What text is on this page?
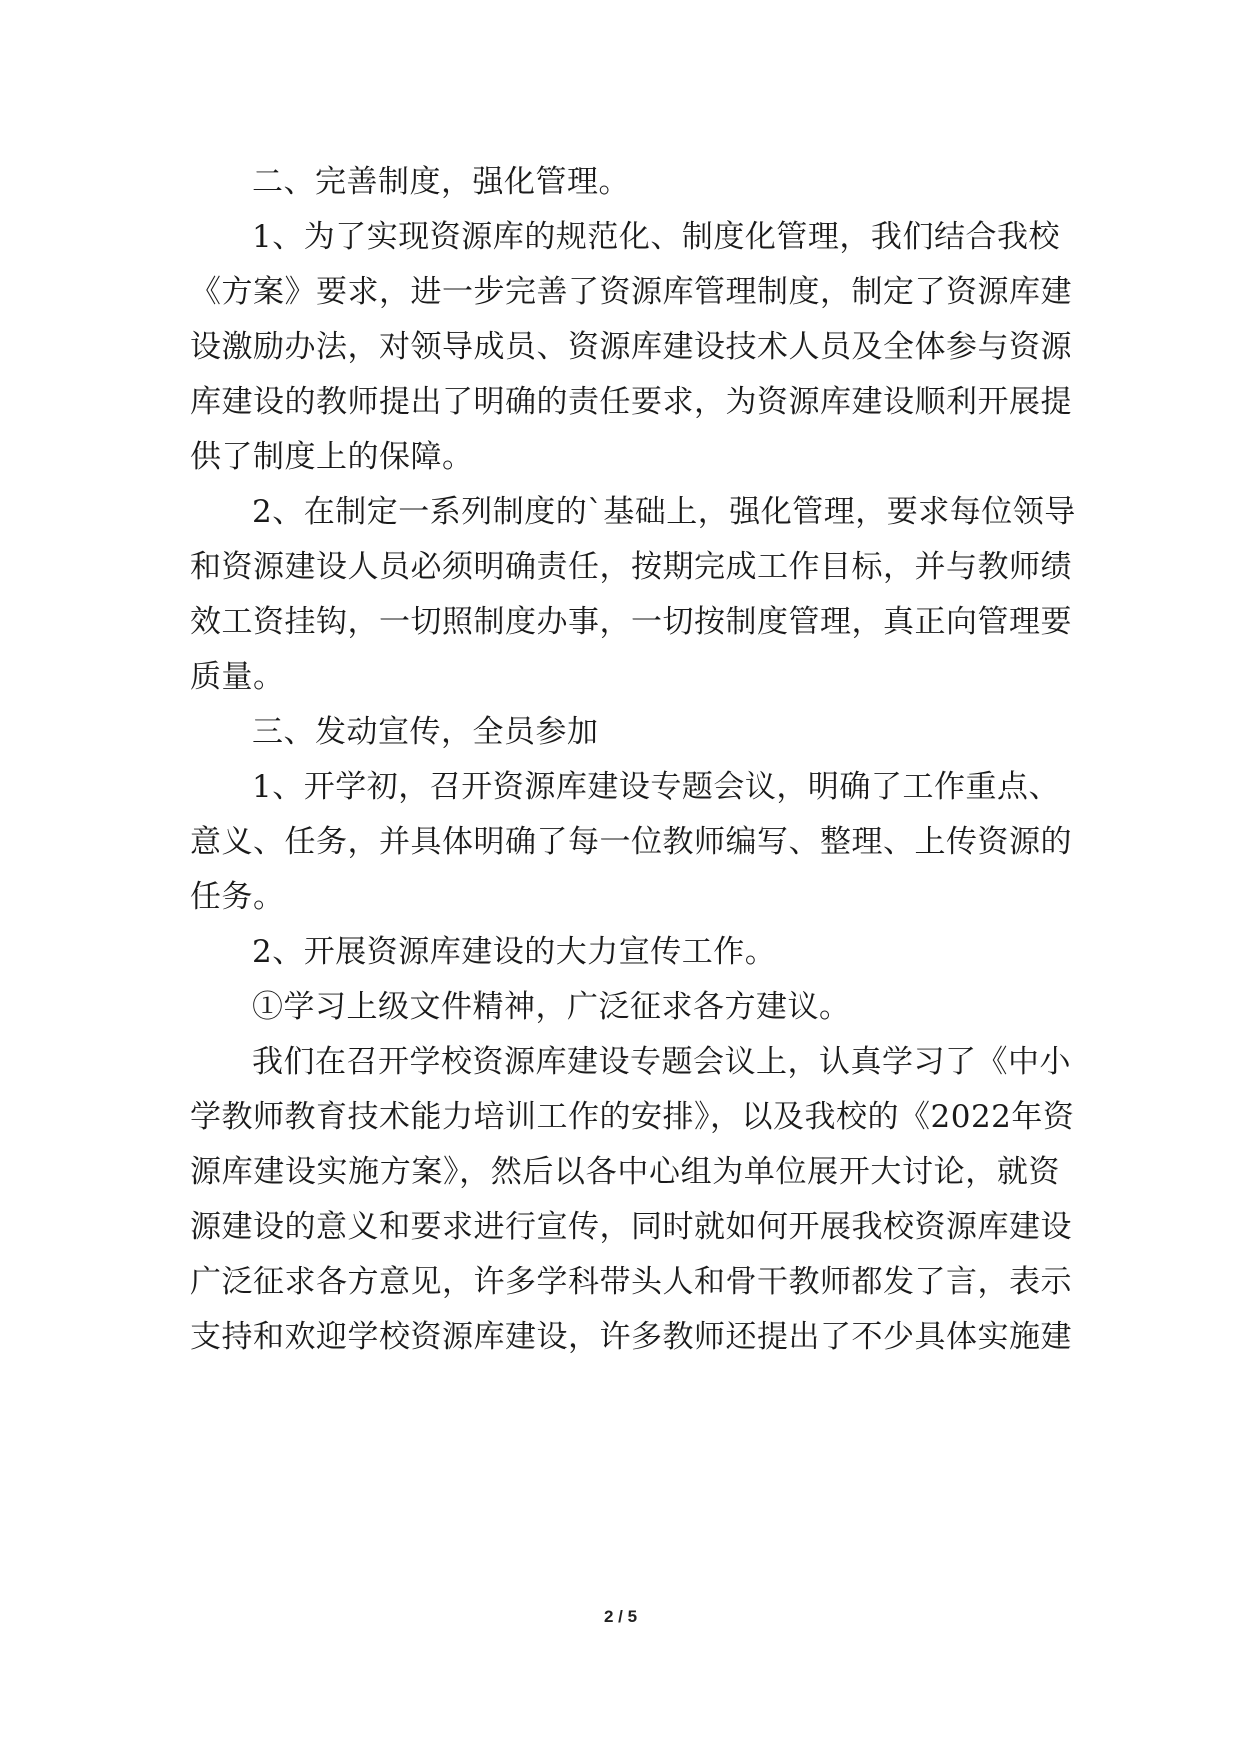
二、完善制度，强化管理。
1、为了实现资源库的规范化、制度化管理，我们结合我校
《方案》要求，进一步完善了资源库管理制度，制定了资源库建
设激励办法，对领导成员、资源库建设技术人员及全体参与资源
库建设的教师提出了明确的责任要求，为资源库建设顺利开展提
供了制度上的保障。
2、在制定一系列制度的`基础上，强化管理，要求每位领导
和资源建设人员必须明确责任，按期完成工作目标，并与教师绩
效工资挂钩，一切照制度办事，一切按制度管理，真正向管理要
质量。
三、发动宣传，全员参加
1、开学初，召开资源库建设专题会议，明确了工作重点、
意义、任务，并具体明确了每一位教师编写、整理、上传资源的
任务。
2、开展资源库建设的大力宣传工作。
①学习上级文件精神，广泛征求各方建议。
我们在召开学校资源库建设专题会议上，认真学习了《中小
学教师教育技术能力培训工作的安排》，以及我校的《2022年资
源库建设实施方案》，然后以各中心组为单位展开大讨论，就资
源建设的意义和要求进行宣传，同时就如何开展我校资源库建设
广泛征求各方意见，许多学科带头人和骨干教师都发了言，表示
支持和欢迎学校资源库建设，许多教师还提出了不少具体实施建
2 / 5
